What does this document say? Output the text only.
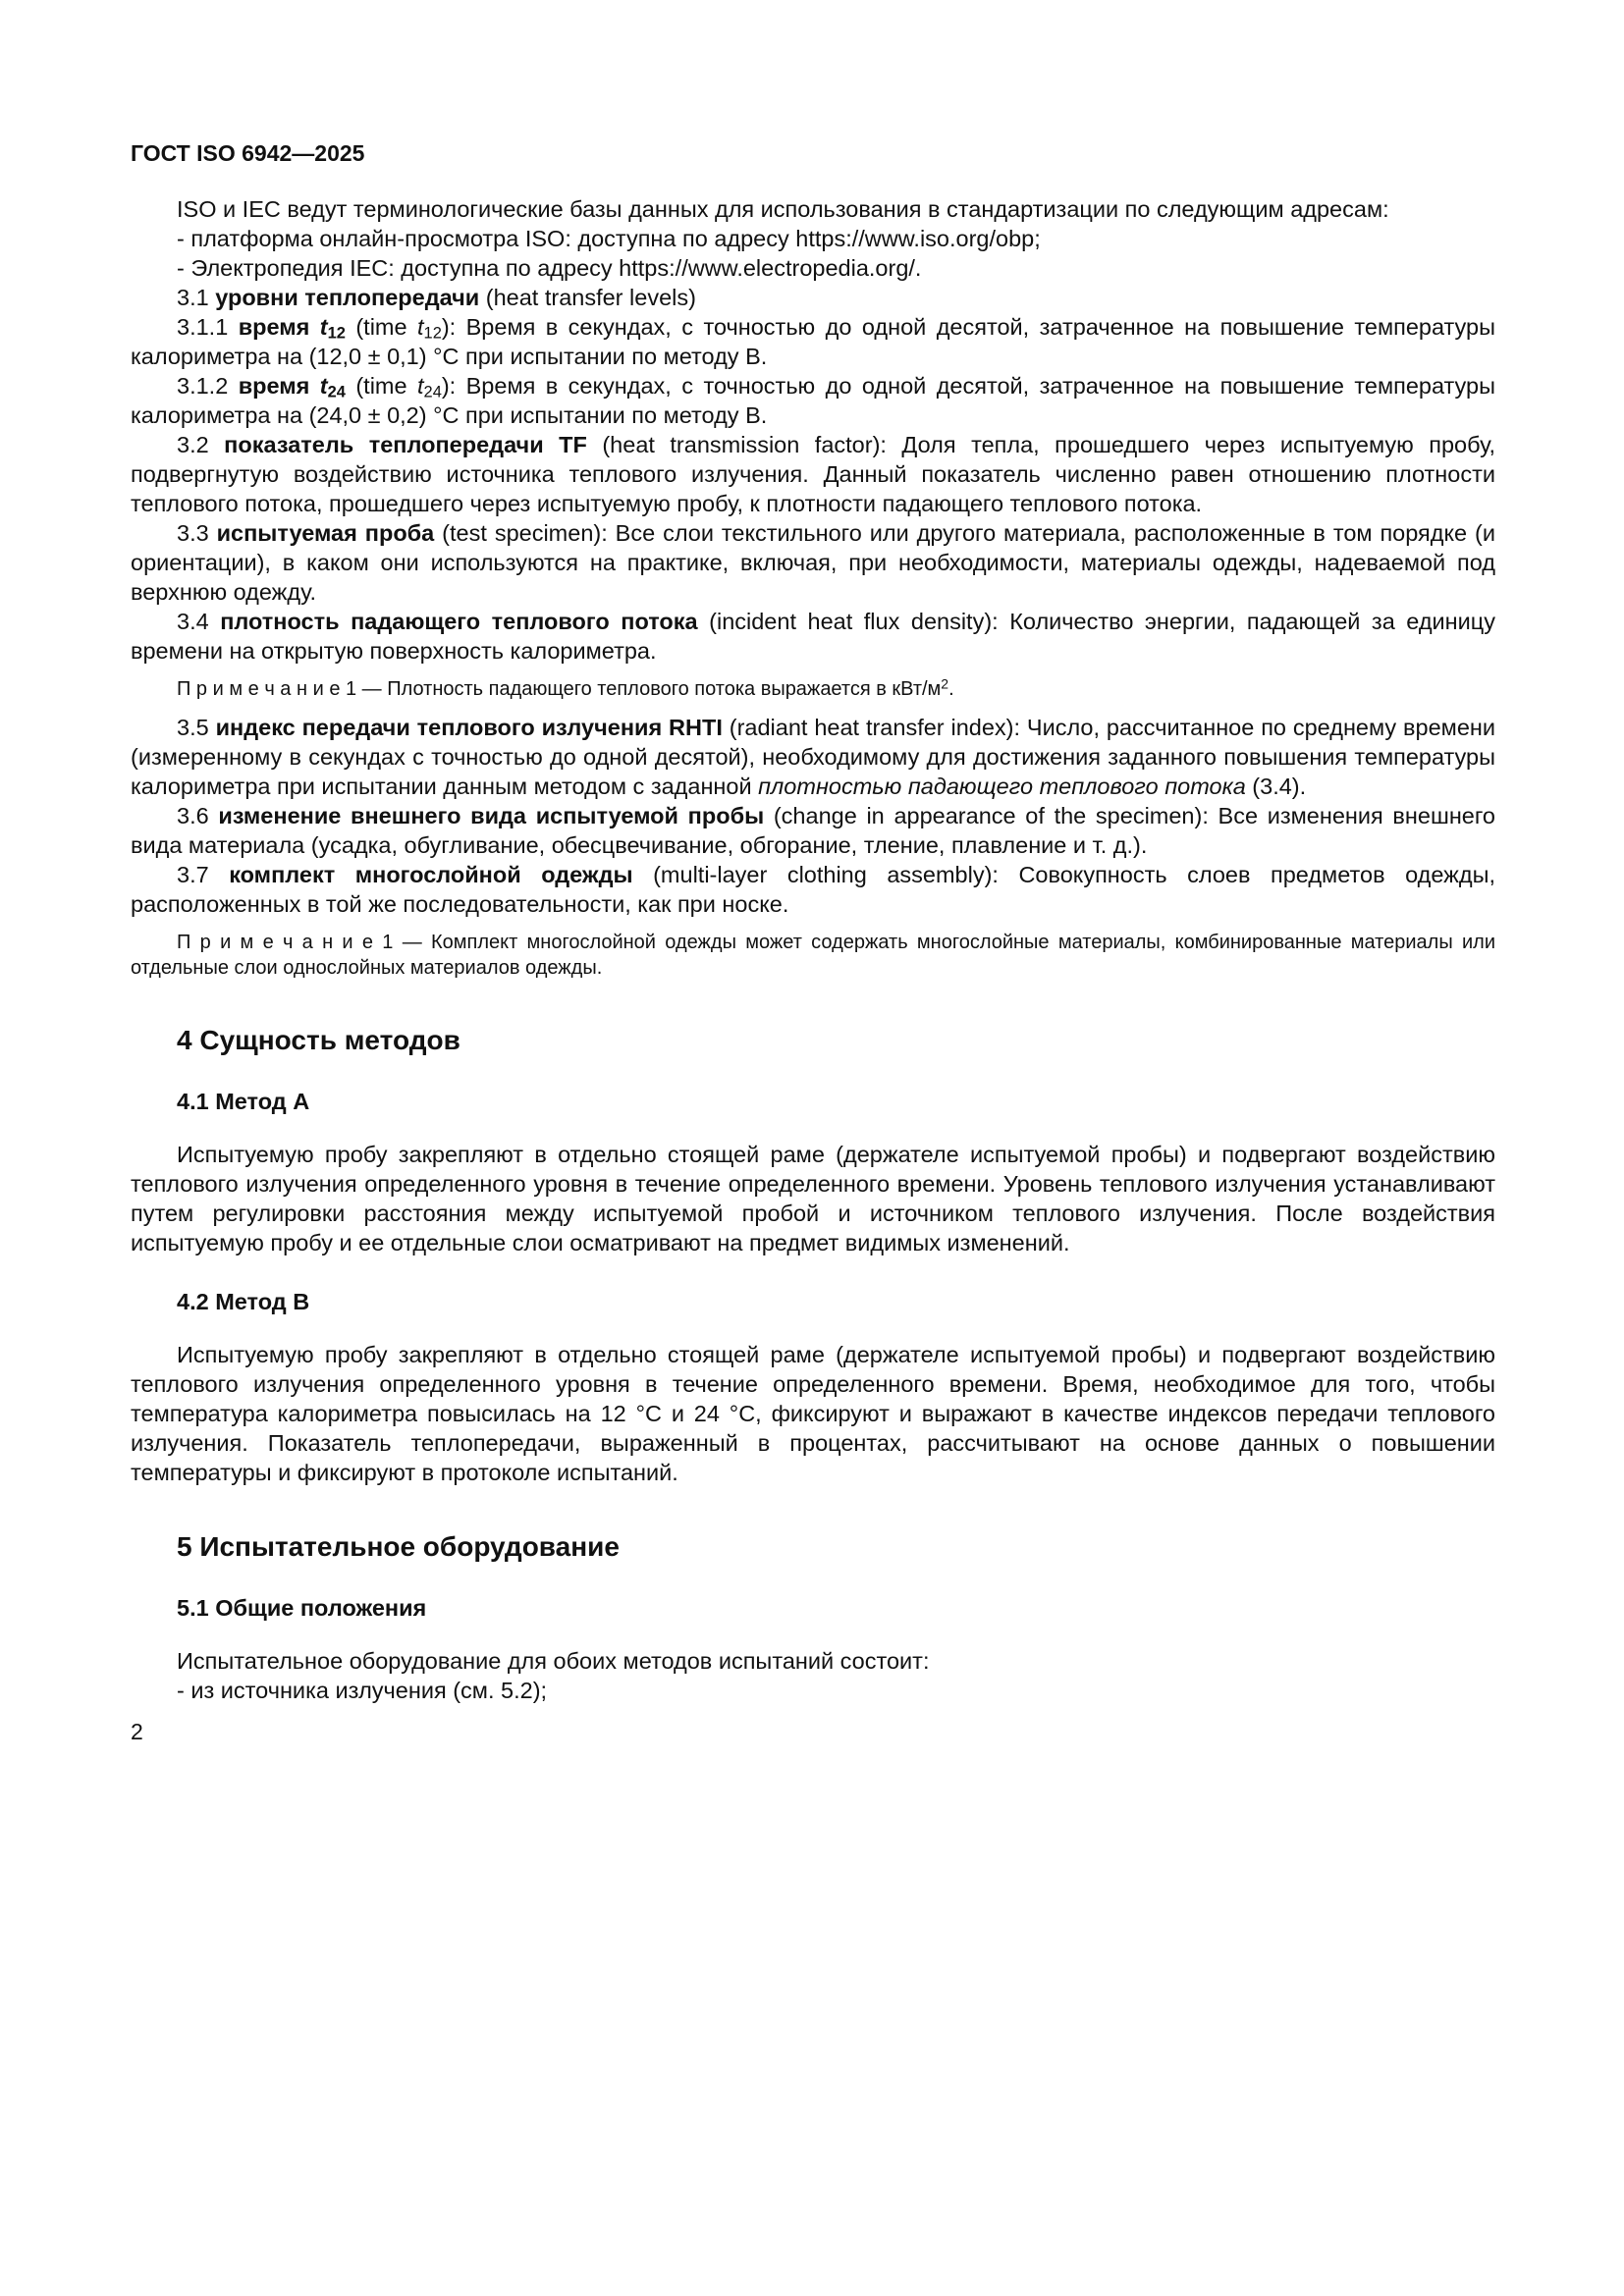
ГОСТ ISO 6942—2025
ISO и IEC ведут терминологические базы данных для использования в стандартизации по следующим адресам:
- платформа онлайн-просмотра ISO: доступна по адресу https://www.iso.org/obp;
- Электропедия IEC: доступна по адресу https://www.electropedia.org/.
3.1 уровни теплопередачи (heat transfer levels)
3.1.1 время $t_{12}$ (time $t_{12}$): Время в секундах, с точностью до одной десятой, затраченное на повышение температуры калориметра на (12,0 ± 0,1) °C при испытании по методу B.
3.1.2 время $t_{24}$ (time $t_{24}$): Время в секундах, с точностью до одной десятой, затраченное на повышение температуры калориметра на (24,0 ± 0,2) °C при испытании по методу B.
3.2 показатель теплопередачи TF (heat transmission factor): Доля тепла, прошедшего через испытуемую пробу, подвергнутую воздействию источника теплового излучения. Данный показатель численно равен отношению плотности теплового потока, прошедшего через испытуемую пробу, к плотности падающего теплового потока.
3.3 испытуемая проба (test specimen): Все слои текстильного или другого материала, расположенные в том порядке (и ориентации), в каком они используются на практике, включая, при необходимости, материалы одежды, надеваемой под верхнюю одежду.
3.4 плотность падающего теплового потока (incident heat flux density): Количество энергии, падающей за единицу времени на открытую поверхность калориметра.
П р и м е ч а н и е 1 — Плотность падающего теплового потока выражается в кВт/$м^2$.
3.5 индекс передачи теплового излучения RHTI (radiant heat transfer index): Число, рассчитанное по среднему времени (измеренному в секундах с точностью до одной десятой), необходимому для достижения заданного повышения температуры калориметра при испытании данным методом с заданной плотностью падающего теплового потока (3.4).
3.6 изменение внешнего вида испытуемой пробы (change in appearance of the specimen): Все изменения внешнего вида материала (усадка, обугливание, обесцвечивание, обгорание, тление, плавление и т. д.).
3.7 комплект многослойной одежды (multi-layer clothing assembly): Совокупность слоев предметов одежды, расположенных в той же последовательности, как при носке.
П р и м е ч а н и е 1 — Комплект многослойной одежды может содержать многослойные материалы, комбинированные материалы или отдельные слои однослойных материалов одежды.
4 Сущность методов
4.1 Метод A
Испытуемую пробу закрепляют в отдельно стоящей раме (держателе испытуемой пробы) и подвергают воздействию теплового излучения определенного уровня в течение определенного времени. Уровень теплового излучения устанавливают путем регулировки расстояния между испытуемой пробой и источником теплового излучения. После воздействия испытуемую пробу и ее отдельные слои осматривают на предмет видимых изменений.
4.2 Метод B
Испытуемую пробу закрепляют в отдельно стоящей раме (держателе испытуемой пробы) и подвергают воздействию теплового излучения определенного уровня в течение определенного времени. Время, необходимое для того, чтобы температура калориметра повысилась на 12 °C и 24 °C, фиксируют и выражают в качестве индексов передачи теплового излучения. Показатель теплопередачи, выраженный в процентах, рассчитывают на основе данных о повышении температуры и фиксируют в протоколе испытаний.
5 Испытательное оборудование
5.1 Общие положения
Испытательное оборудование для обоих методов испытаний состоит:
- из источника излучения (см. 5.2);
2
